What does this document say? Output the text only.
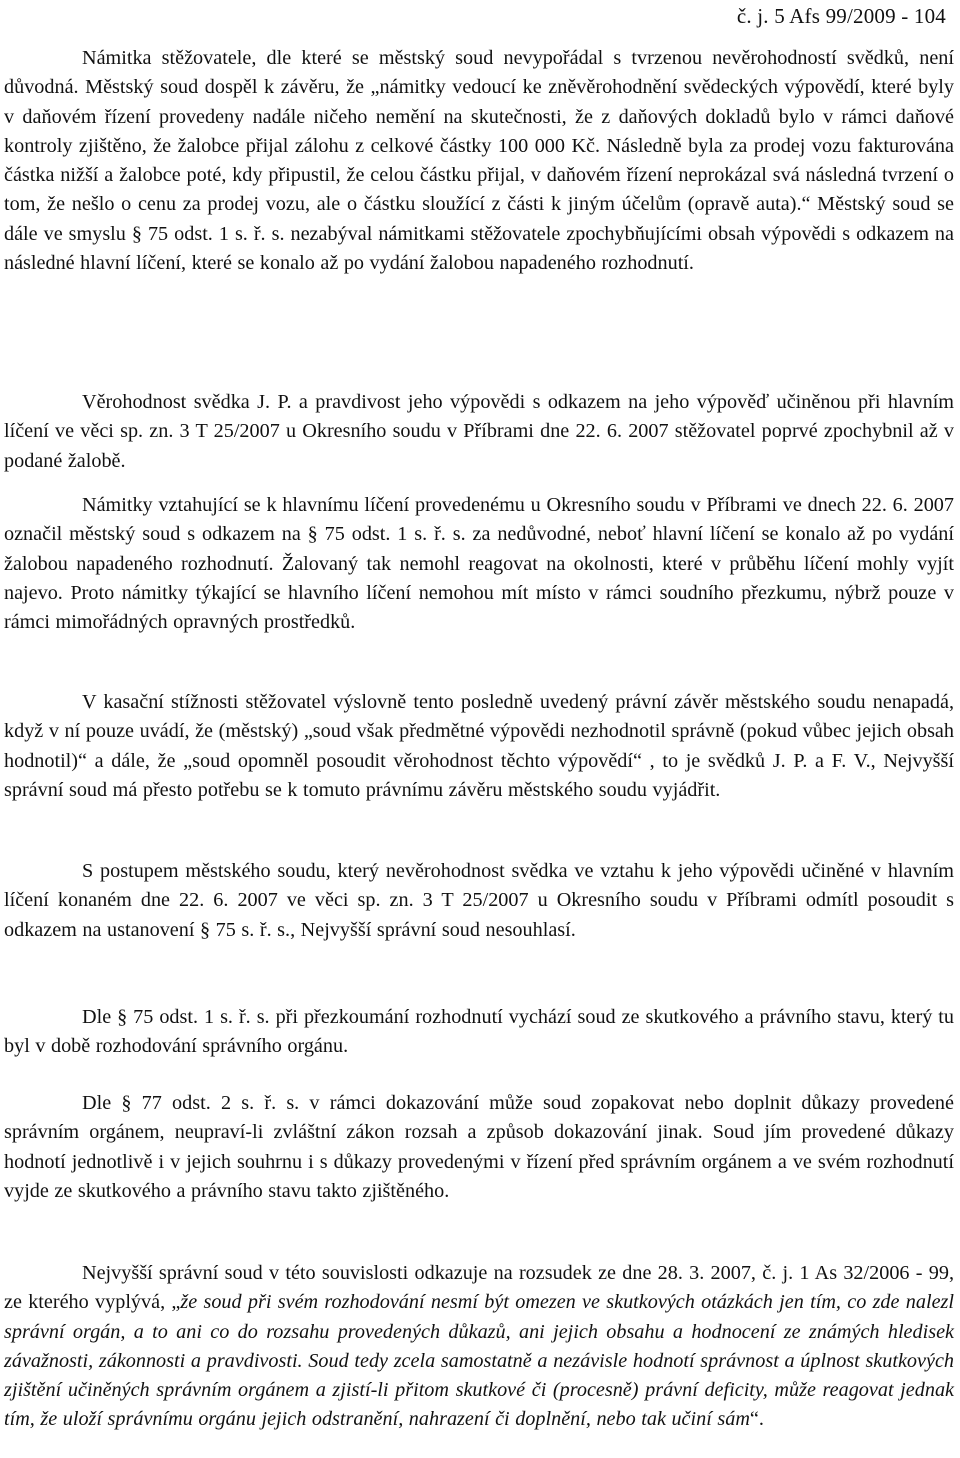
č. j. 5 Afs 99/2009 - 104
Námitka stěžovatele, dle které se městský soud nevypořádal s tvrzenou nevěrohodností svědků, není důvodná. Městský soud dospěl k závěru, že „námitky vedoucí ke zněvěrohodnění svědeckých výpovědí, které byly v daňovém řízení provedeny nadále ničeho nemění na skutečnosti, že z daňových dokladů bylo v rámci daňové kontroly zjištěno, že žalobce přijal zálohu z celkové částky 100 000 Kč. Následně byla za prodej vozu fakturována částka nižší a žalobce poté, kdy připustil, že celou částku přijal, v daňovém řízení neprokázal svá následná tvrzení o tom, že nešlo o cenu za prodej vozu, ale o částku sloužící z části k jiným účelům (opravě auta).“ Městský soud se dále ve smyslu § 75 odst. 1 s. ř. s. nezabýval námitkami stěžovatele zpochybňujícími obsah výpovědi s odkazem na následné hlavní líčení, které se konalo až po vydání žalobou napadeného rozhodnutí.
Věrohodnost svědka J. P. a pravdivost jeho výpovědi s odkazem na jeho výpověď učiněnou při hlavním líčení ve věci sp. zn. 3 T 25/2007 u Okresního soudu v Příbrami dne 22. 6. 2007 stěžovatel poprvé zpochybnil až v podané žalobě.
Námitky vztahující se k hlavnímu líčení provedenému u Okresního soudu v Příbrami ve dnech 22. 6. 2007 označil městský soud s odkazem na § 75 odst. 1 s. ř. s. za nedůvodné, neboť hlavní líčení se konalo až po vydání žalobou napadeného rozhodnutí. Žalovaný tak nemohl reagovat na okolnosti, které v průběhu líčení mohly vyjít najevo. Proto námitky týkající se hlavního líčení nemohou mít místo v rámci soudního přezkumu, nýbrž pouze v rámci mimořádných opravných prostředků.
V kasační stížnosti stěžovatel výslovně tento posledně uvedený právní závěr městského soudu nenapadá, když v ní pouze uvádí, že (městský) „soud však předmětné výpovědi nezhodnotil správně (pokud vůbec jejich obsah hodnotil)“ a dále, že „soud opomněl posoudit věrohodnost těchto výpovědí“ , to je svědků J. P. a F. V., Nejvyšší správní soud má přesto potřebu se k tomuto právnímu závěru městského soudu vyjádřit.
S postupem městského soudu, který nevěrohodnost svědka ve vztahu k jeho výpovědi učiněné v hlavním líčení konaném dne 22. 6. 2007 ve věci sp. zn. 3 T 25/2007 u Okresního soudu v Příbrami odmítl posoudit s odkazem na ustanovení § 75 s. ř. s., Nejvyšší správní soud nesouhlasí.
Dle § 75 odst. 1 s. ř. s. při přezkoumání rozhodnutí vychází soud ze skutkového a právního stavu, který tu byl v době rozhodování správního orgánu.
Dle § 77 odst. 2 s. ř. s. v rámci dokazování může soud zopakovat nebo doplnit důkazy provedené správním orgánem, neupraví-li zvláštní zákon rozsah a způsob dokazování jinak. Soud jím provedené důkazy hodnotí jednotlivě i v jejich souhrnu i s důkazy provedenými v řízení před správním orgánem a ve svém rozhodnutí vyjde ze skutkového a právního stavu takto zjištěného.
Nejvyšší správní soud v této souvislosti odkazuje na rozsudek ze dne 28. 3. 2007, č. j. 1 As 32/2006 - 99, ze kterého vyplývá, „že soud při svém rozhodování nesmí být omezen ve skutkových otázkách jen tím, co zde nalezl správní orgán, a to ani co do rozsahu provedených důkazů, ani jejich obsahu a hodnocení ze známých hledisek závažnosti, zákonnosti a pravdivosti. Soud tedy zcela samostatně a nezávisle hodnotí správnost a úplnost skutkových zjištění učiněných správním orgánem a zjistí-li přitom skutkové či (procesně) právní deficity, může reagovat jednak tím, že uloží správnímu orgánu jejich odstranění, nahrazení či doplnění, nebo tak učiní sám“.
